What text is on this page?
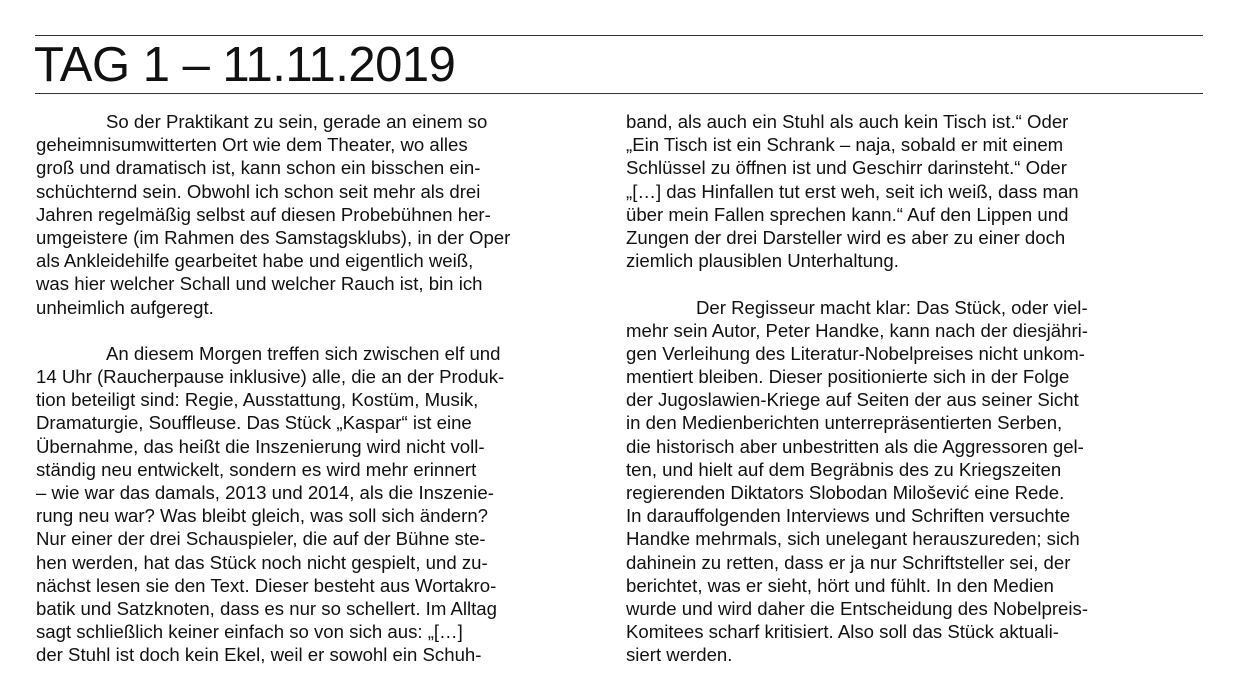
TAG 1 – 11.11.2019
So der Praktikant zu sein, gerade an einem so
geheimnisumwitterten Ort wie dem Theater, wo alles
groß und dramatisch ist, kann schon ein bisschen ein-
schüchternd sein. Obwohl ich schon seit mehr als drei
Jahren regelmäßig selbst auf diesen Probebühnen her-
umgeistere (im Rahmen des Samstagsklubs), in der Oper
als Ankleidehilfe gearbeitet habe und eigentlich weiß,
was hier welcher Schall und welcher Rauch ist, bin ich
unheimlich aufgeregt.
An diesem Morgen treffen sich zwischen elf und
14 Uhr (Raucherpause inklusive) alle, die an der Produk-
tion beteiligt sind: Regie, Ausstattung, Kostüm, Musik,
Dramaturgie, Souffleuse. Das Stück „Kaspar“ ist eine
Übernahme, das heißt die Inszenierung wird nicht voll-
ständig neu entwickelt, sondern es wird mehr erinnert
– wie war das damals, 2013 und 2014, als die Inszenie-
rung neu war? Was bleibt gleich, was soll sich ändern?
Nur einer der drei Schauspieler, die auf der Bühne ste-
hen werden, hat das Stück noch nicht gespielt, und zu-
nächst lesen sie den Text. Dieser besteht aus Wortakro-
batik und Satzknoten, dass es nur so schellert. Im Alltag
sagt schließlich keiner einfach so von sich aus: „[…]
der Stuhl ist doch kein Ekel, weil er sowohl ein Schuh-
band, als auch ein Stuhl als auch kein Tisch ist.“ Oder
„Ein Tisch ist ein Schrank – naja, sobald er mit einem
Schlüssel zu öffnen ist und Geschirr darinsteht.“ Oder
„[…] das Hinfallen tut erst weh, seit ich weiß, dass man
über mein Fallen sprechen kann.“ Auf den Lippen und
Zungen der drei Darsteller wird es aber zu einer doch
ziemlich plausiblen Unterhaltung.
Der Regisseur macht klar: Das Stück, oder viel-
mehr sein Autor, Peter Handke, kann nach der diesjähri-
gen Verleihung des Literatur-Nobelpreises nicht unkom-
mentiert bleiben. Dieser positionierte sich in der Folge
der Jugoslawien-Kriege auf Seiten der aus seiner Sicht
in den Medienberichten unterrepräsentierten Serben,
die historisch aber unbestritten als die Aggressoren gel-
ten, und hielt auf dem Begräbnis des zu Kriegszeiten
regierenden Diktators Slobodan Milošević eine Rede.
In darauffolgenden Interviews und Schriften versuchte
Handke mehrmals, sich unelegant herauszureden; sich
dahinein zu retten, dass er ja nur Schriftsteller sei, der
berichtet, was er sieht, hört und fühlt. In den Medien
wurde und wird daher die Entscheidung des Nobelpreis-
Komitees scharf kritisiert. Also soll das Stück aktuali-
siert werden.
